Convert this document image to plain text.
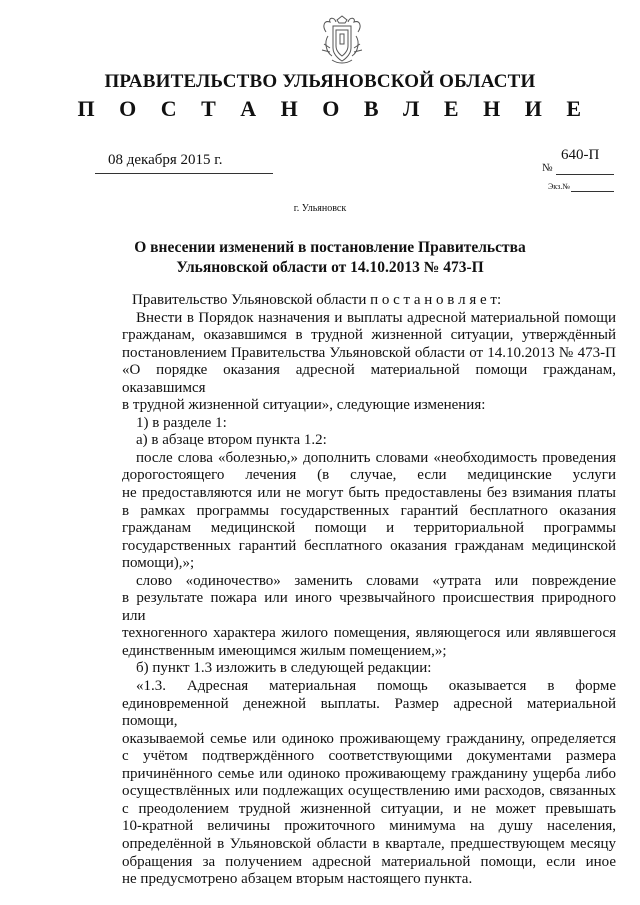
ПРАВИТЕЛЬСТВО УЛЬЯНОВСКОЙ ОБЛАСТИ
П О С Т А Н О В Л Е Н И Е
08 декабря 2015 г.	640-П
№
Экз.№
г. Ульяновск
О внесении изменений в постановление Правительства
Ульяновской области от 14.10.2013 № 473-П

Правительство Ульяновской области п о с т а н о в л я е т:

Внести в Порядок назначения и выплаты адресной материальной помощи

гражданам, оказавшимся в трудной жизненной ситуации, утверждённый

постановлением Правительства Ульяновской области от 14.10.2013 № 473-П

«О порядке оказания адресной материальной помощи гражданам, оказавшимся

в трудной жизненной ситуации», следующие изменения:

1) в разделе 1:

а) в абзаце втором пункта 1.2:

после слова «болезнью,» дополнить словами «необходимость проведения

дорогостоящего лечения (в случае, если медицинские услуги

не предоставляются или не могут быть предоставлены без взимания платы

в рамках программы государственных гарантий бесплатного оказания

гражданам медицинской помощи и территориальной программы

государственных гарантий бесплатного оказания гражданам медицинской

помощи),»;

слово «одиночество» заменить словами «утрата или повреждение

в результате пожара или иного чрезвычайного происшествия природного или

техногенного характера жилого помещения, являющегося или являвшегося

единственным имеющимся жилым помещением,»;

б) пункт 1.3 изложить в следующей редакции:

«1.3. Адресная материальная помощь оказывается в форме

единовременной денежной выплаты. Размер адресной материальной помощи,

оказываемой семье или одиноко проживающему гражданину, определяется

с учётом подтверждённого соответствующими документами размера

причинённого семье или одиноко проживающему гражданину ущерба либо

осуществлённых или подлежащих осуществлению ими расходов, связанных

с преодолением трудной жизненной ситуации, и не может превышать

10-кратной величины прожиточного минимума на душу населения,

определённой в Ульяновской области в квартале, предшествующем месяцу

обращения за получением адресной материальной помощи, если иное

не предусмотрено абзацем вторым настоящего пункта.
